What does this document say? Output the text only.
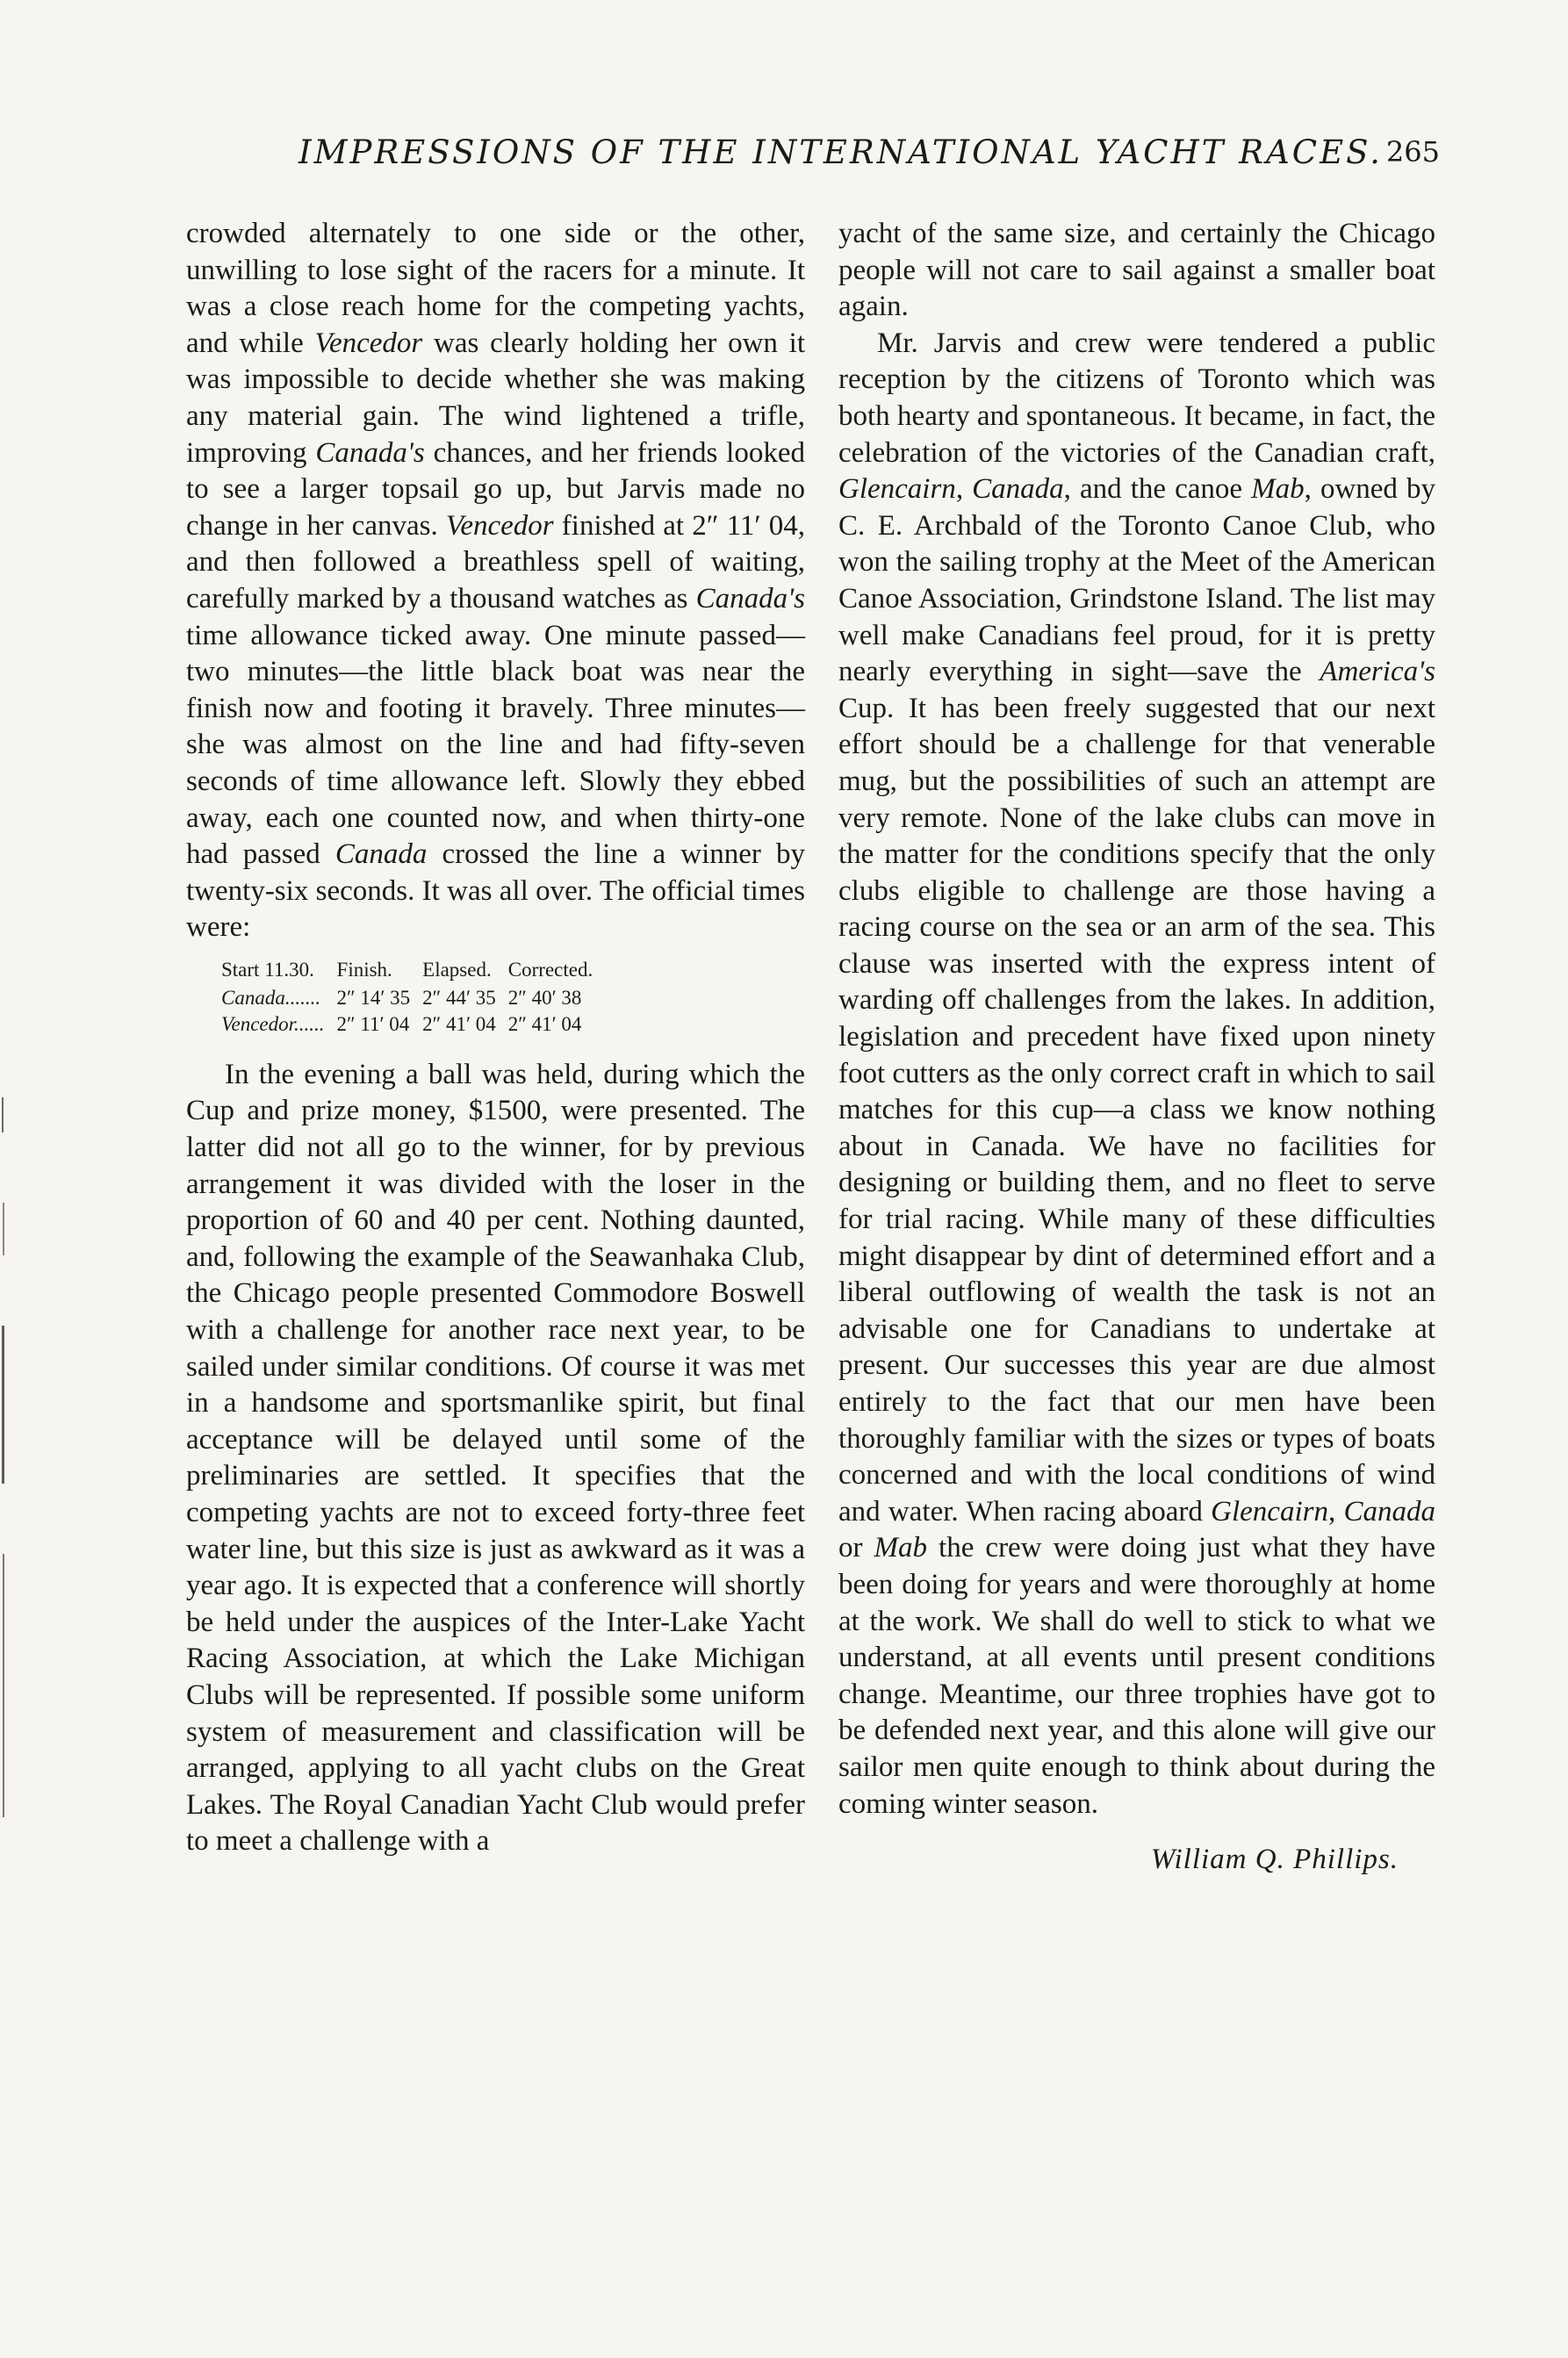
IMPRESSIONS OF THE INTERNATIONAL YACHT RACES. 265

crowded alternately to one side or the other, unwilling to lose sight of the racers for a minute. It was a close reach home for the competing yachts, and while Vencedor was clearly holding her own it was impossible to decide whether she was making any material gain. The wind lightened a trifle, improving Canada's chances, and her friends looked to see a larger topsail go up, but Jarvis made no change in her canvas. Vencedor finished at 2″ 11′ 04, and then followed a breathless spell of waiting, carefully marked by a thousand watches as Canada's time allowance ticked away. One minute passed—two minutes—the little black boat was near the finish now and footing it bravely. Three minutes—she was almost on the line and had fifty-seven seconds of time allowance left. Slowly they ebbed away, each one counted now, and when thirty-one had passed Canada crossed the line a winner by twenty-six seconds. It was all over. The official times were:

Start 11.30.	Finish.	Elapsed.	Corrected.
Canada.......	2″ 14′ 35	2″ 44′ 35	2″ 40′ 38
Vencedor......	2″ 11′ 04	2″ 41′ 04	2″ 41′ 04

In the evening a ball was held, during which the Cup and prize money, $1500, were presented. The latter did not all go to the winner, for by previous arrangement it was divided with the loser in the proportion of 60 and 40 per cent. Nothing daunted, and, following the example of the Seawanhaka Club, the Chicago people presented Commodore Boswell with a challenge for another race next year, to be sailed under similar conditions. Of course it was met in a handsome and sportsmanlike spirit, but final acceptance will be delayed until some of the preliminaries are settled. It specifies that the competing yachts are not to exceed forty-three feet water line, but this size is just as awkward as it was a year ago. It is expected that a conference will shortly be held under the auspices of the Inter-Lake Yacht Racing Association, at which the Lake Michigan Clubs will be represented. If possible some uniform system of measurement and classification will be arranged, applying to all yacht clubs on the Great Lakes. The Royal Canadian Yacht Club would prefer to meet a challenge with a

yacht of the same size, and certainly the Chicago people will not care to sail against a smaller boat again.

Mr. Jarvis and crew were tendered a public reception by the citizens of Toronto which was both hearty and spontaneous. It became, in fact, the celebration of the victories of the Canadian craft, Glencairn, Canada, and the canoe Mab, owned by C. E. Archbald of the Toronto Canoe Club, who won the sailing trophy at the Meet of the American Canoe Association, Grindstone Island. The list may well make Canadians feel proud, for it is pretty nearly everything in sight—save the America's Cup. It has been freely suggested that our next effort should be a challenge for that venerable mug, but the possibilities of such an attempt are very remote. None of the lake clubs can move in the matter for the conditions specify that the only clubs eligible to challenge are those having a racing course on the sea or an arm of the sea. This clause was inserted with the express intent of warding off challenges from the lakes. In addition, legislation and precedent have fixed upon ninety foot cutters as the only correct craft in which to sail matches for this cup—a class we know nothing about in Canada. We have no facilities for designing or building them, and no fleet to serve for trial racing. While many of these difficulties might disappear by dint of determined effort and a liberal outflowing of wealth the task is not an advisable one for Canadians to undertake at present. Our successes this year are due almost entirely to the fact that our men have been thoroughly familiar with the sizes or types of boats concerned and with the local conditions of wind and water. When racing aboard Glencairn, Canada or Mab the crew were doing just what they have been doing for years and were thoroughly at home at the work. We shall do well to stick to what we understand, at all events until present conditions change. Meantime, our three trophies have got to be defended next year, and this alone will give our sailor men quite enough to think about during the coming winter season.

William Q. Phillips.
